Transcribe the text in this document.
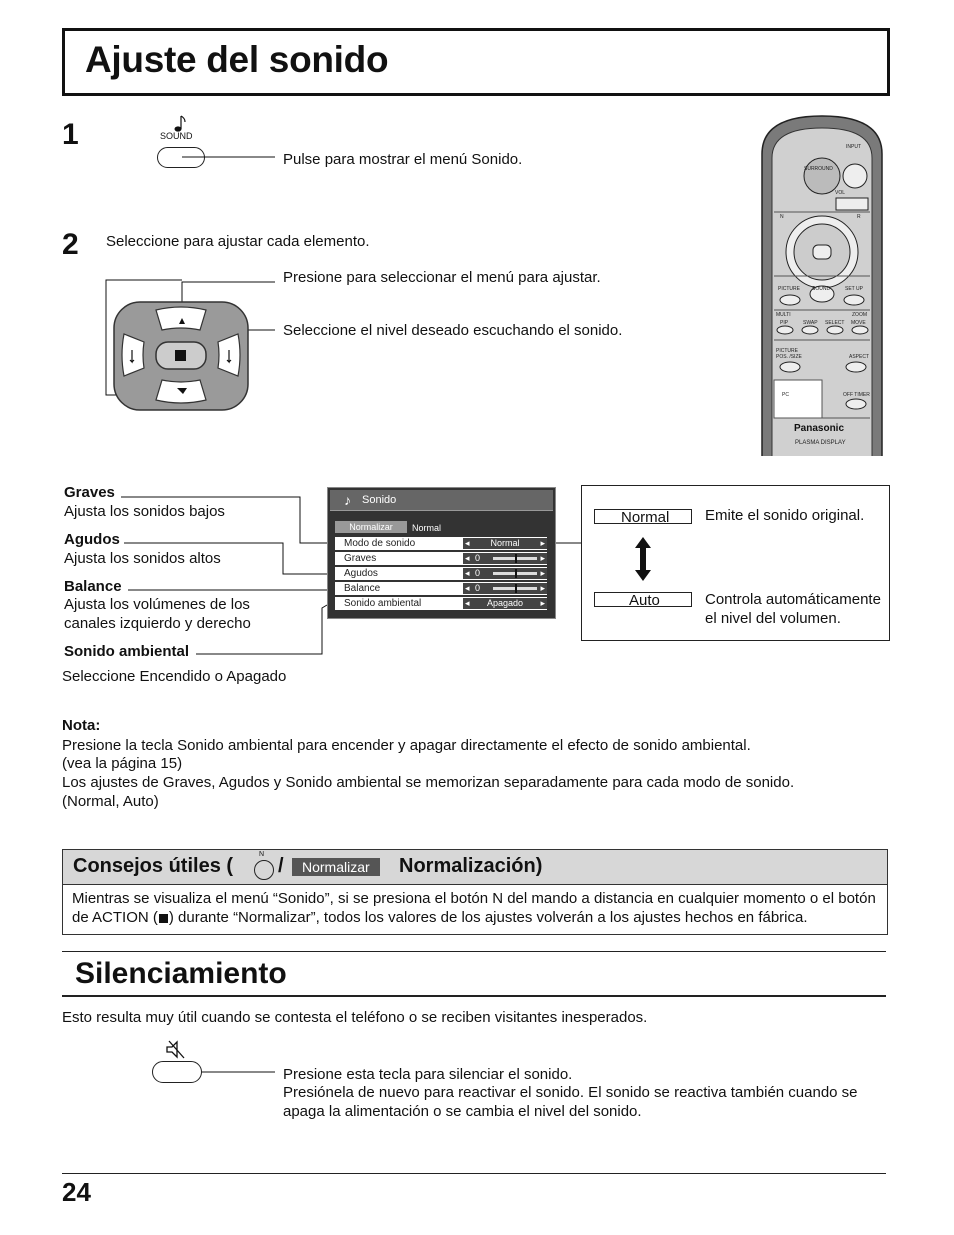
Ajuste del sonido
1	SOUND
Pulse para mostrar el menú Sonido.
2 Seleccione para ajustar cada elemento.
Presione para seleccionar el menú para ajustar.
Seleccione el nivel deseado escuchando el sonido.
INPUT
SURROUND
VOL
N	R
PICTURE SOUND	SET UP
MULTI	ZOOM
PIP	SWAP SELECT MOVE
PICTURE
POS. /SIZE	ASPECT
PC	OFF TIMER
Panasonic
PLASMA DISPLAY
Graves
Ajusta los sonidos bajos
Agudos
Ajusta los sonidos altos
Balance
Ajusta los volúmenes de los canales izquierdo y derecho
Sonido ambiental
Seleccione Encendido o Apagado
♪ Sonido
Normalizar	Normal
Modo de sonido	◂	Normal	▸
Graves	◂ 0	▸
Agudos	◂ 0	▸
Balance	◂ 0	▸
Sonido ambiental	◂	Apagado	▸
Normal	Emite el sonido original.
Auto	Controla automáticamente el nivel del volumen.
Nota:
Presione la tecla Sonido ambiental para encender y apagar directamente el efecto de sonido ambiental.
(vea la página 15)
Los ajustes de Graves, Agudos y Sonido ambiental se memorizan separadamente para cada modo de sonido.
(Normal, Auto)
Consejos útiles (
N
/	Normalizar	Normalización)
Mientras se visualiza el menú “Sonido”, si se presiona el botón N del mando a distancia en cualquier momento o el botón de ACTION ( ) durante “Normalizar”, todos los valores de los ajustes volverán a los ajustes hechos en fábrica.
Silenciamiento
Esto resulta muy útil cuando se contesta el teléfono o se reciben visitantes inesperados.
Presione esta tecla para silenciar el sonido.
Presiónela de nuevo para reactivar el sonido. El sonido se reactiva también cuando se apaga la alimentación o se cambia el nivel del sonido.
24
